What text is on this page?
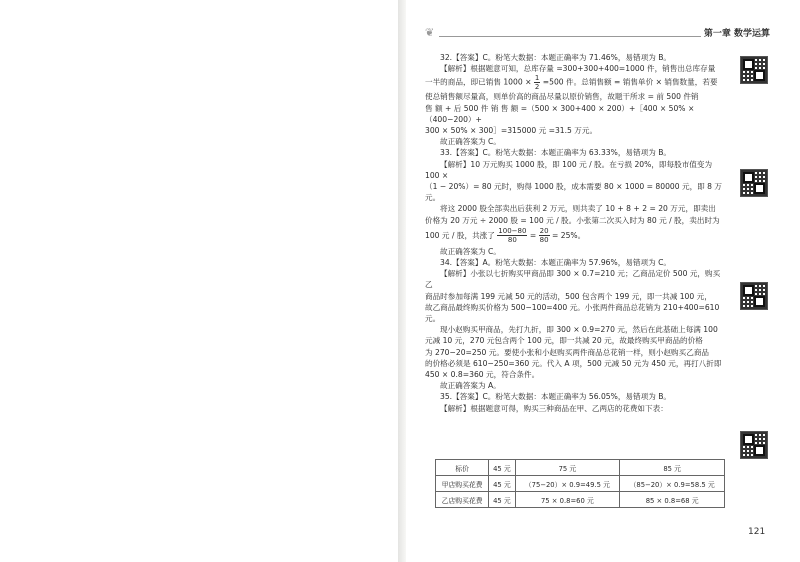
❦	第一章 数学运算

32.【答案】C。粉笔大数据：本题正确率为 71.46%，易错项为 B。

【解析】根据题意可知，总库存量 =300+300+400=1000 件，销售出总库存量

一半的商品，即已销售 $1000 \times \frac{1}{2} =500$ 件。总销售额 = 销售单价 × 销售数量，若要

使总销售额尽量高，则单价高的商品尽量以原价销售，故题干所求 = 前 500 件销

售 额 + 后 500 件 销 售 额 =（500 × 300+400 × 200）+［400 × 50% ×（400−200）+

300 × 50% × 300］=315000 元 =31.5 万元。

故正确答案为 C。

33.【答案】C。粉笔大数据：本题正确率为 63.33%，易错项为 B。

【解析】10 万元购买 1000 股，即 100 元 / 股。在亏损 20%，即每股市值变为 100 ×

（1 − 20%）= 80 元时，购得 1000 股，成本需要 80 × 1000 = 80000 元，即 8 万元。

将这 2000 股全部卖出后获利 2 万元，则共卖了 10 + 8 + 2 = 20 万元，即卖出

价格为 20 万元 ÷ 2000 股 = 100 元 / 股。小张第二次买入时为 80 元 / 股，卖出时为

100 元 / 股，共涨了 $\frac{100-80}{80} = \frac{20}{80} = 25\%$。

故正确答案为 C。

34.【答案】A。粉笔大数据：本题正确率为 57.96%，易错项为 C。

【解析】小张以七折购买甲商品即 300 × 0.7=210 元；乙商品定价 500 元，购买乙

商品时参加每满 199 元减 50 元的活动，500 包含两个 199 元，即一共减 100 元，

故乙商品最终购买价格为 500−100=400 元。小张两件商品总花销为 210+400=610 元。

现小赵购买甲商品，先打九折，即 300 × 0.9=270 元，然后在此基础上每满 100

元减 10 元，270 元包含两个 100 元，即一共减 20 元，故最终购买甲商品的价格

为 270−20=250 元。要使小张和小赵购买两件商品总花销一样，则小赵购买乙商品

的价格必须是 610−250=360 元。代入 A 项，500 元减 50 元为 450 元，再打八折即

450 × 0.8=360 元，符合条件。

故正确答案为 A。

35.【答案】C。粉笔大数据：本题正确率为 56.05%，易错项为 B。

【解析】根据题意可得，购买三种商品在甲、乙两店的花费如下表：

标价	45 元	75 元	85 元
甲店购买花费	45 元	（75−20）× 0.9=49.5 元	（85−20）× 0.9=58.5 元
乙店购买花费	45 元	75 × 0.8=60 元	85 × 0.8=68 元
121
